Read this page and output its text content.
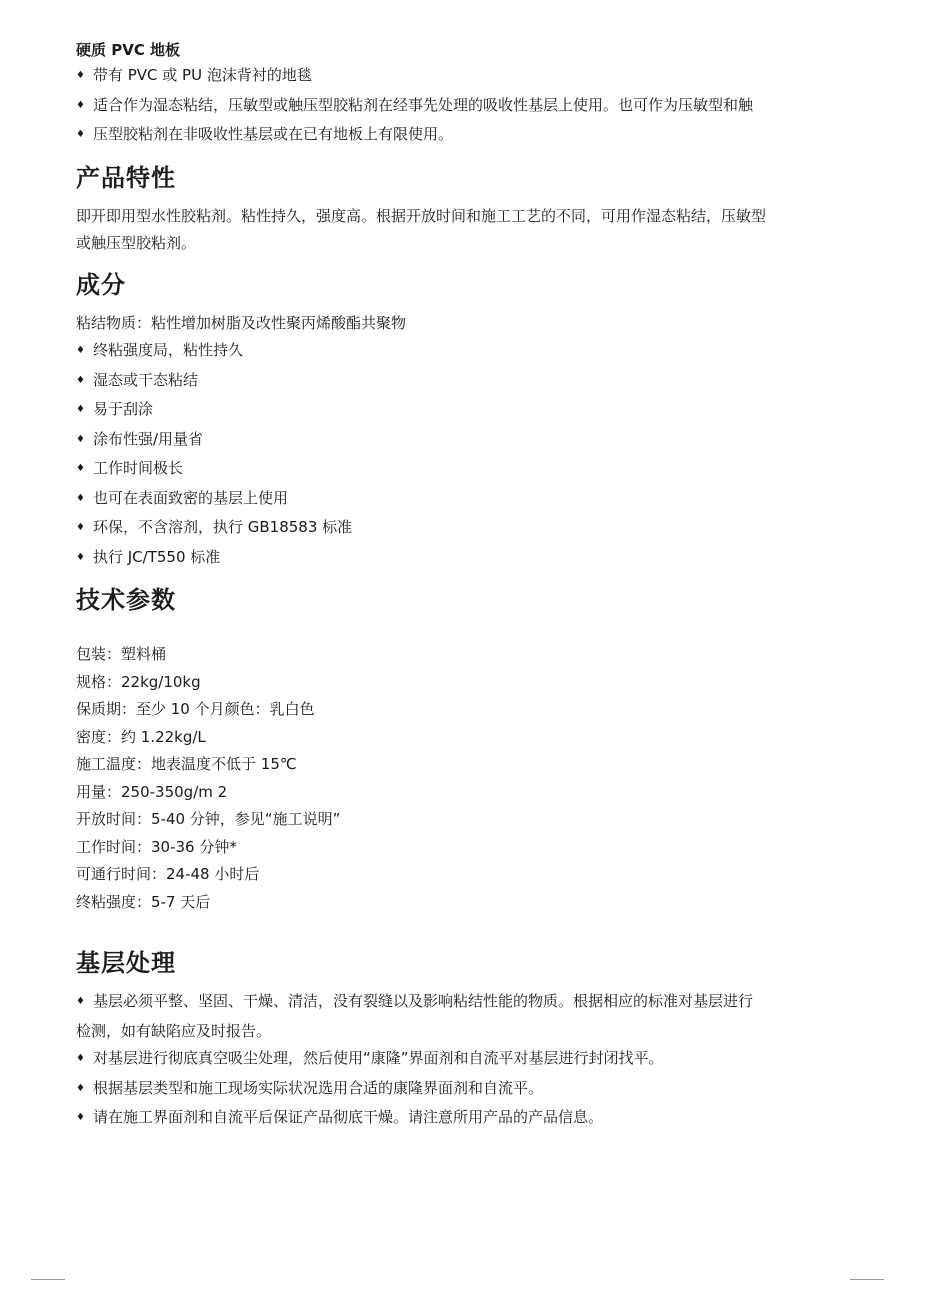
硬质 PVC 地板

♦ 带有 PVC 或 PU 泡沫背衬的地毯

♦ 适合作为湿态粘结，压敏型或触压型胶粘剂在经事先处理的吸收性基层上使用。也可作为压敏型和触

♦ 压型胶粘剂在非吸收性基层或在已有地板上有限使用。

产品特性

即开即用型水性胶粘剂。粘性持久，强度高。根据开放时间和施工工艺的不同，可用作湿态粘结，压敏型

或触压型胶粘剂。

成分

粘结物质：粘性增加树脂及改性聚丙烯酸酯共聚物

♦ 终粘强度局，粘性持久

♦ 湿态或干态粘结

♦ 易于刮涂

♦ 涂布性强/用量省

♦ 工作时间极长

♦ 也可在表面致密的基层上使用

♦ 环保，不含溶剂，执行 GB18583 标准

♦ 执行 JC/T550 标准

技术参数

包装：塑料桶

规格：22kg/10kg

保质期：至少 10 个月颜色：乳白色

密度：约 1.22kg/L

施工温度：地表温度不低于 15℃

用量：250-350g/m 2

开放时间：5-40 分钟，参见“施工说明”

工作时间：30-36 分钟*

可通行时间：24-48 小时后

终粘强度：5-7 天后

基层处理

♦ 基层必须平整、坚固、干燥、清洁，没有裂缝以及影响粘结性能的物质。根据相应的标准对基层进行

检测，如有缺陷应及时报告。

♦ 对基层进行彻底真空吸尘处理，然后使用“康隆”界面剂和自流平对基层进行封闭找平。

♦ 根据基层类型和施工现场实际状况选用合适的康隆界面剂和自流平。

♦ 请在施工界面剂和自流平后保证产品彻底干燥。请注意所用产品的产品信息。
